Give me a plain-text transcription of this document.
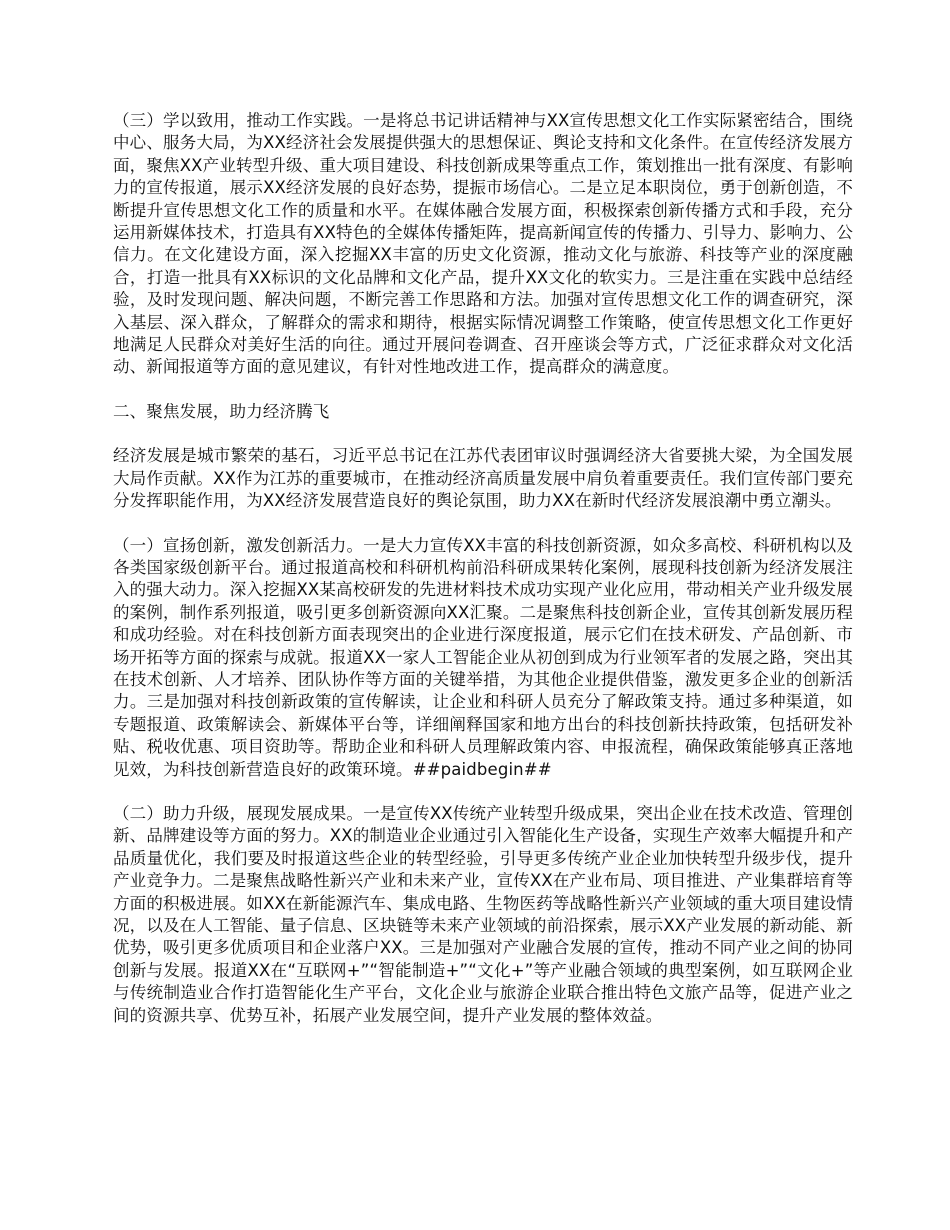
（三）学以致用，推动工作实践。一是将总书记讲话精神与XX宣传思想文化工作实际紧密结合，围绕中心、服务大局，为XX经济社会发展提供强大的思想保证、舆论支持和文化条件。在宣传经济发展方面，聚焦XX产业转型升级、重大项目建设、科技创新成果等重点工作，策划推出一批有深度、有影响力的宣传报道，展示XX经济发展的良好态势，提振市场信心。二是立足本职岗位，勇于创新创造，不断提升宣传思想文化工作的质量和水平。在媒体融合发展方面，积极探索创新传播方式和手段，充分运用新媒体技术，打造具有XX特色的全媒体传播矩阵，提高新闻宣传的传播力、引导力、影响力、公信力。在文化建设方面，深入挖掘XX丰富的历史文化资源，推动文化与旅游、科技等产业的深度融合，打造一批具有XX标识的文化品牌和文化产品，提升XX文化的软实力。三是注重在实践中总结经验，及时发现问题、解决问题，不断完善工作思路和方法。加强对宣传思想文化工作的调查研究，深入基层、深入群众，了解群众的需求和期待，根据实际情况调整工作策略，使宣传思想文化工作更好地满足人民群众对美好生活的向往。通过开展问卷调查、召开座谈会等方式，广泛征求群众对文化活动、新闻报道等方面的意见建议，有针对性地改进工作，提高群众的满意度。

二、聚焦发展，助力经济腾飞

经济发展是城市繁荣的基石，习近平总书记在江苏代表团审议时强调经济大省要挑大梁，为全国发展大局作贡献。XX作为江苏的重要城市，在推动经济高质量发展中肩负着重要责任。我们宣传部门要充分发挥职能作用，为XX经济发展营造良好的舆论氛围，助力XX在新时代经济发展浪潮中勇立潮头。

（一）宣扬创新，激发创新活力。一是大力宣传XX丰富的科技创新资源，如众多高校、科研机构以及各类国家级创新平台。通过报道高校和科研机构前沿科研成果转化案例，展现科技创新为经济发展注入的强大动力。深入挖掘XX某高校研发的先进材料技术成功实现产业化应用，带动相关产业升级发展的案例，制作系列报道，吸引更多创新资源向XX汇聚。二是聚焦科技创新企业，宣传其创新发展历程和成功经验。对在科技创新方面表现突出的企业进行深度报道，展示它们在技术研发、产品创新、市场开拓等方面的探索与成就。报道XX一家人工智能企业从初创到成为行业领军者的发展之路，突出其在技术创新、人才培养、团队协作等方面的关键举措，为其他企业提供借鉴，激发更多企业的创新活力。三是加强对科技创新政策的宣传解读，让企业和科研人员充分了解政策支持。通过多种渠道，如专题报道、政策解读会、新媒体平台等，详细阐释国家和地方出台的科技创新扶持政策，包括研发补贴、税收优惠、项目资助等。帮助企业和科研人员理解政策内容、申报流程，确保政策能够真正落地见效，为科技创新营造良好的政策环境。##paidbegin##

（二）助力升级，展现发展成果。一是宣传XX传统产业转型升级成果，突出企业在技术改造、管理创新、品牌建设等方面的努力。XX的制造业企业通过引入智能化生产设备，实现生产效率大幅提升和产品质量优化，我们要及时报道这些企业的转型经验，引导更多传统产业企业加快转型升级步伐，提升产业竞争力。二是聚焦战略性新兴产业和未来产业，宣传XX在产业布局、项目推进、产业集群培育等方面的积极进展。如XX在新能源汽车、集成电路、生物医药等战略性新兴产业领域的重大项目建设情况，以及在人工智能、量子信息、区块链等未来产业领域的前沿探索，展示XX产业发展的新动能、新优势，吸引更多优质项目和企业落户XX。三是加强对产业融合发展的宣传，推动不同产业之间的协同创新与发展。报道XX在“互联网+”“智能制造+”“文化+”等产业融合领域的典型案例，如互联网企业与传统制造业合作打造智能化生产平台，文化企业与旅游企业联合推出特色文旅产品等，促进产业之间的资源共享、优势互补，拓展产业发展空间，提升产业发展的整体效益。
